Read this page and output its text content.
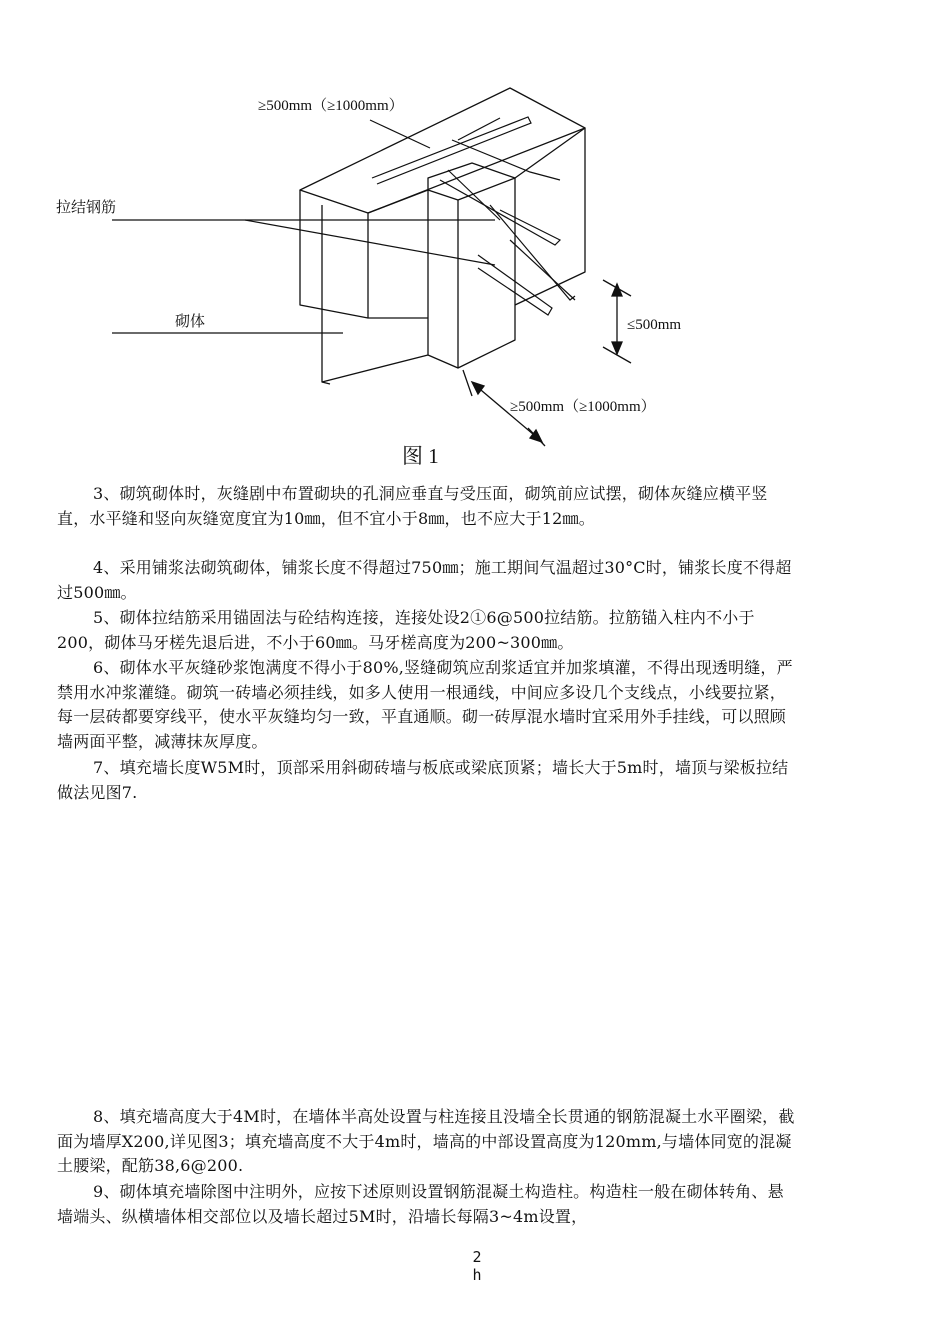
≥500mm（≥1000mm）
拉结钢筋
砌体	≤500mm
≥500mm（≥1000mm）
图 1

3、砌筑砌体时，灰缝剧中布置砌块的孔洞应垂直与受压面，砌筑前应试摆，砌体灰缝应横平竖直，水平缝和竖向灰缝宽度宜为10㎜，但不宜小于8㎜，也不应大于12㎜。

4、采用铺浆法砌筑砌体，铺浆长度不得超过750㎜；施工期间气温超过30°C时，铺浆长度不得超过500㎜。

5、砌体拉结筋采用锚固法与砼结构连接，连接处设2①6@500拉结筋。拉筋锚入柱内不小于200，砌体马牙槎先退后进，不小于60㎜。马牙槎高度为200~300㎜。

6、砌体水平灰缝砂浆饱满度不得小于80%,竖缝砌筑应刮浆适宜并加浆填灌，不得出现透明缝，严禁用水冲浆灌缝。砌筑一砖墙必须挂线，如多人使用一根通线，中间应多设几个支线点，小线要拉紧，每一层砖都要穿线平，使水平灰缝均匀一致，平直通顺。砌一砖厚混水墙时宜采用外手挂线，可以照顾墙两面平整，减薄抹灰厚度。

7、填充墙长度W5M时，顶部采用斜砌砖墙与板底或梁底顶紧；墙长大于5m时，墙顶与梁板拉结做法见图7.

8、填充墙高度大于4M时，在墙体半高处设置与柱连接且没墙全长贯通的钢筋混凝土水平圈梁，截面为墙厚X200,详见图3；填充墙高度不大于4m时，墙高的中部设置高度为120mm,与墙体同宽的混凝土腰梁，配筋38,6@200.

9、砌体填充墙除图中注明外，应按下述原则设置钢筋混凝土构造柱。构造柱一般在砌体转角、悬墙端头、纵横墙体相交部位以及墙长超过5M时，沿墙长每隔3~4m设置，

2

h
